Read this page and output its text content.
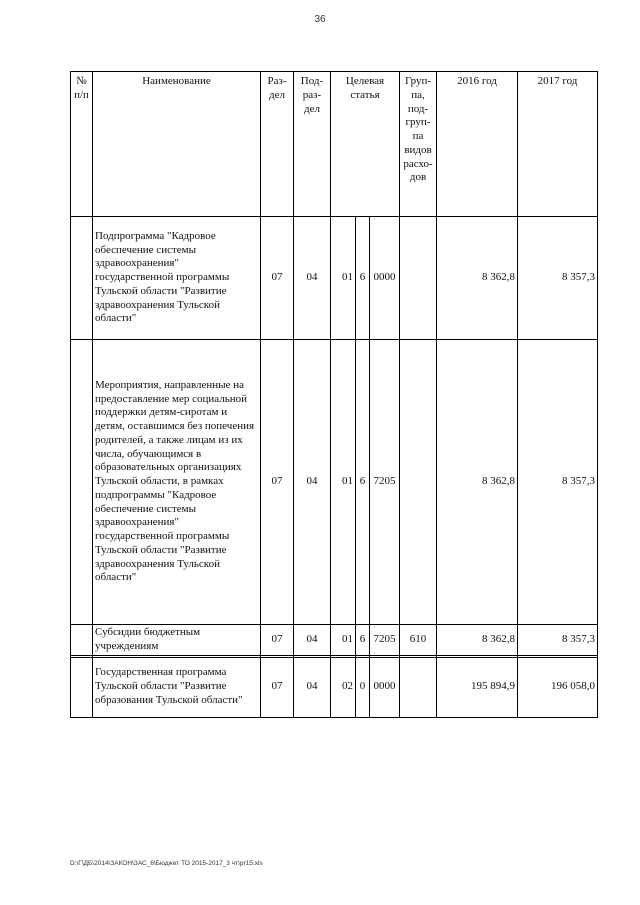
36
№ п/п	Наименование	Раз-дел	Под-раз-дел	Целевая статья			Груп-па, под-груп-па видов расхо-дов	2016 год	2017 год
	Подпрограмма "Кадровое обеспечение системы здравоохранения" государственной программы Тульской области "Развитие здравоохранения Тульской области"	07	04	01	6	0000		8 362,8	8 357,3
	Мероприятия, направленные на предоставление мер социальной поддержки детям-сиротам и детям, оставшимся без попечения родителей, а также лицам из их числа, обучающимся в образовательных организациях Тульской области, в рамках подпрограммы "Кадровое обеспечение системы здравоохранения" государственной программы Тульской области "Развитие здравоохранения Тульской области"	07	04	01	6	7205		8 362,8	8 357,3
	Субсидии бюджетным учреждениям	07	04	01	6	7205	610	8 362,8	8 357,3

	Государственная программа Тульской области "Развитие образования Тульской области"	07	04	02	0	0000		195 894,9	196 058,0
D:\Г\ДБ\2014\ЗАКОН\ЗАС_6\Бюджет ТО 2015-2017_3 чт\pr15.xls
